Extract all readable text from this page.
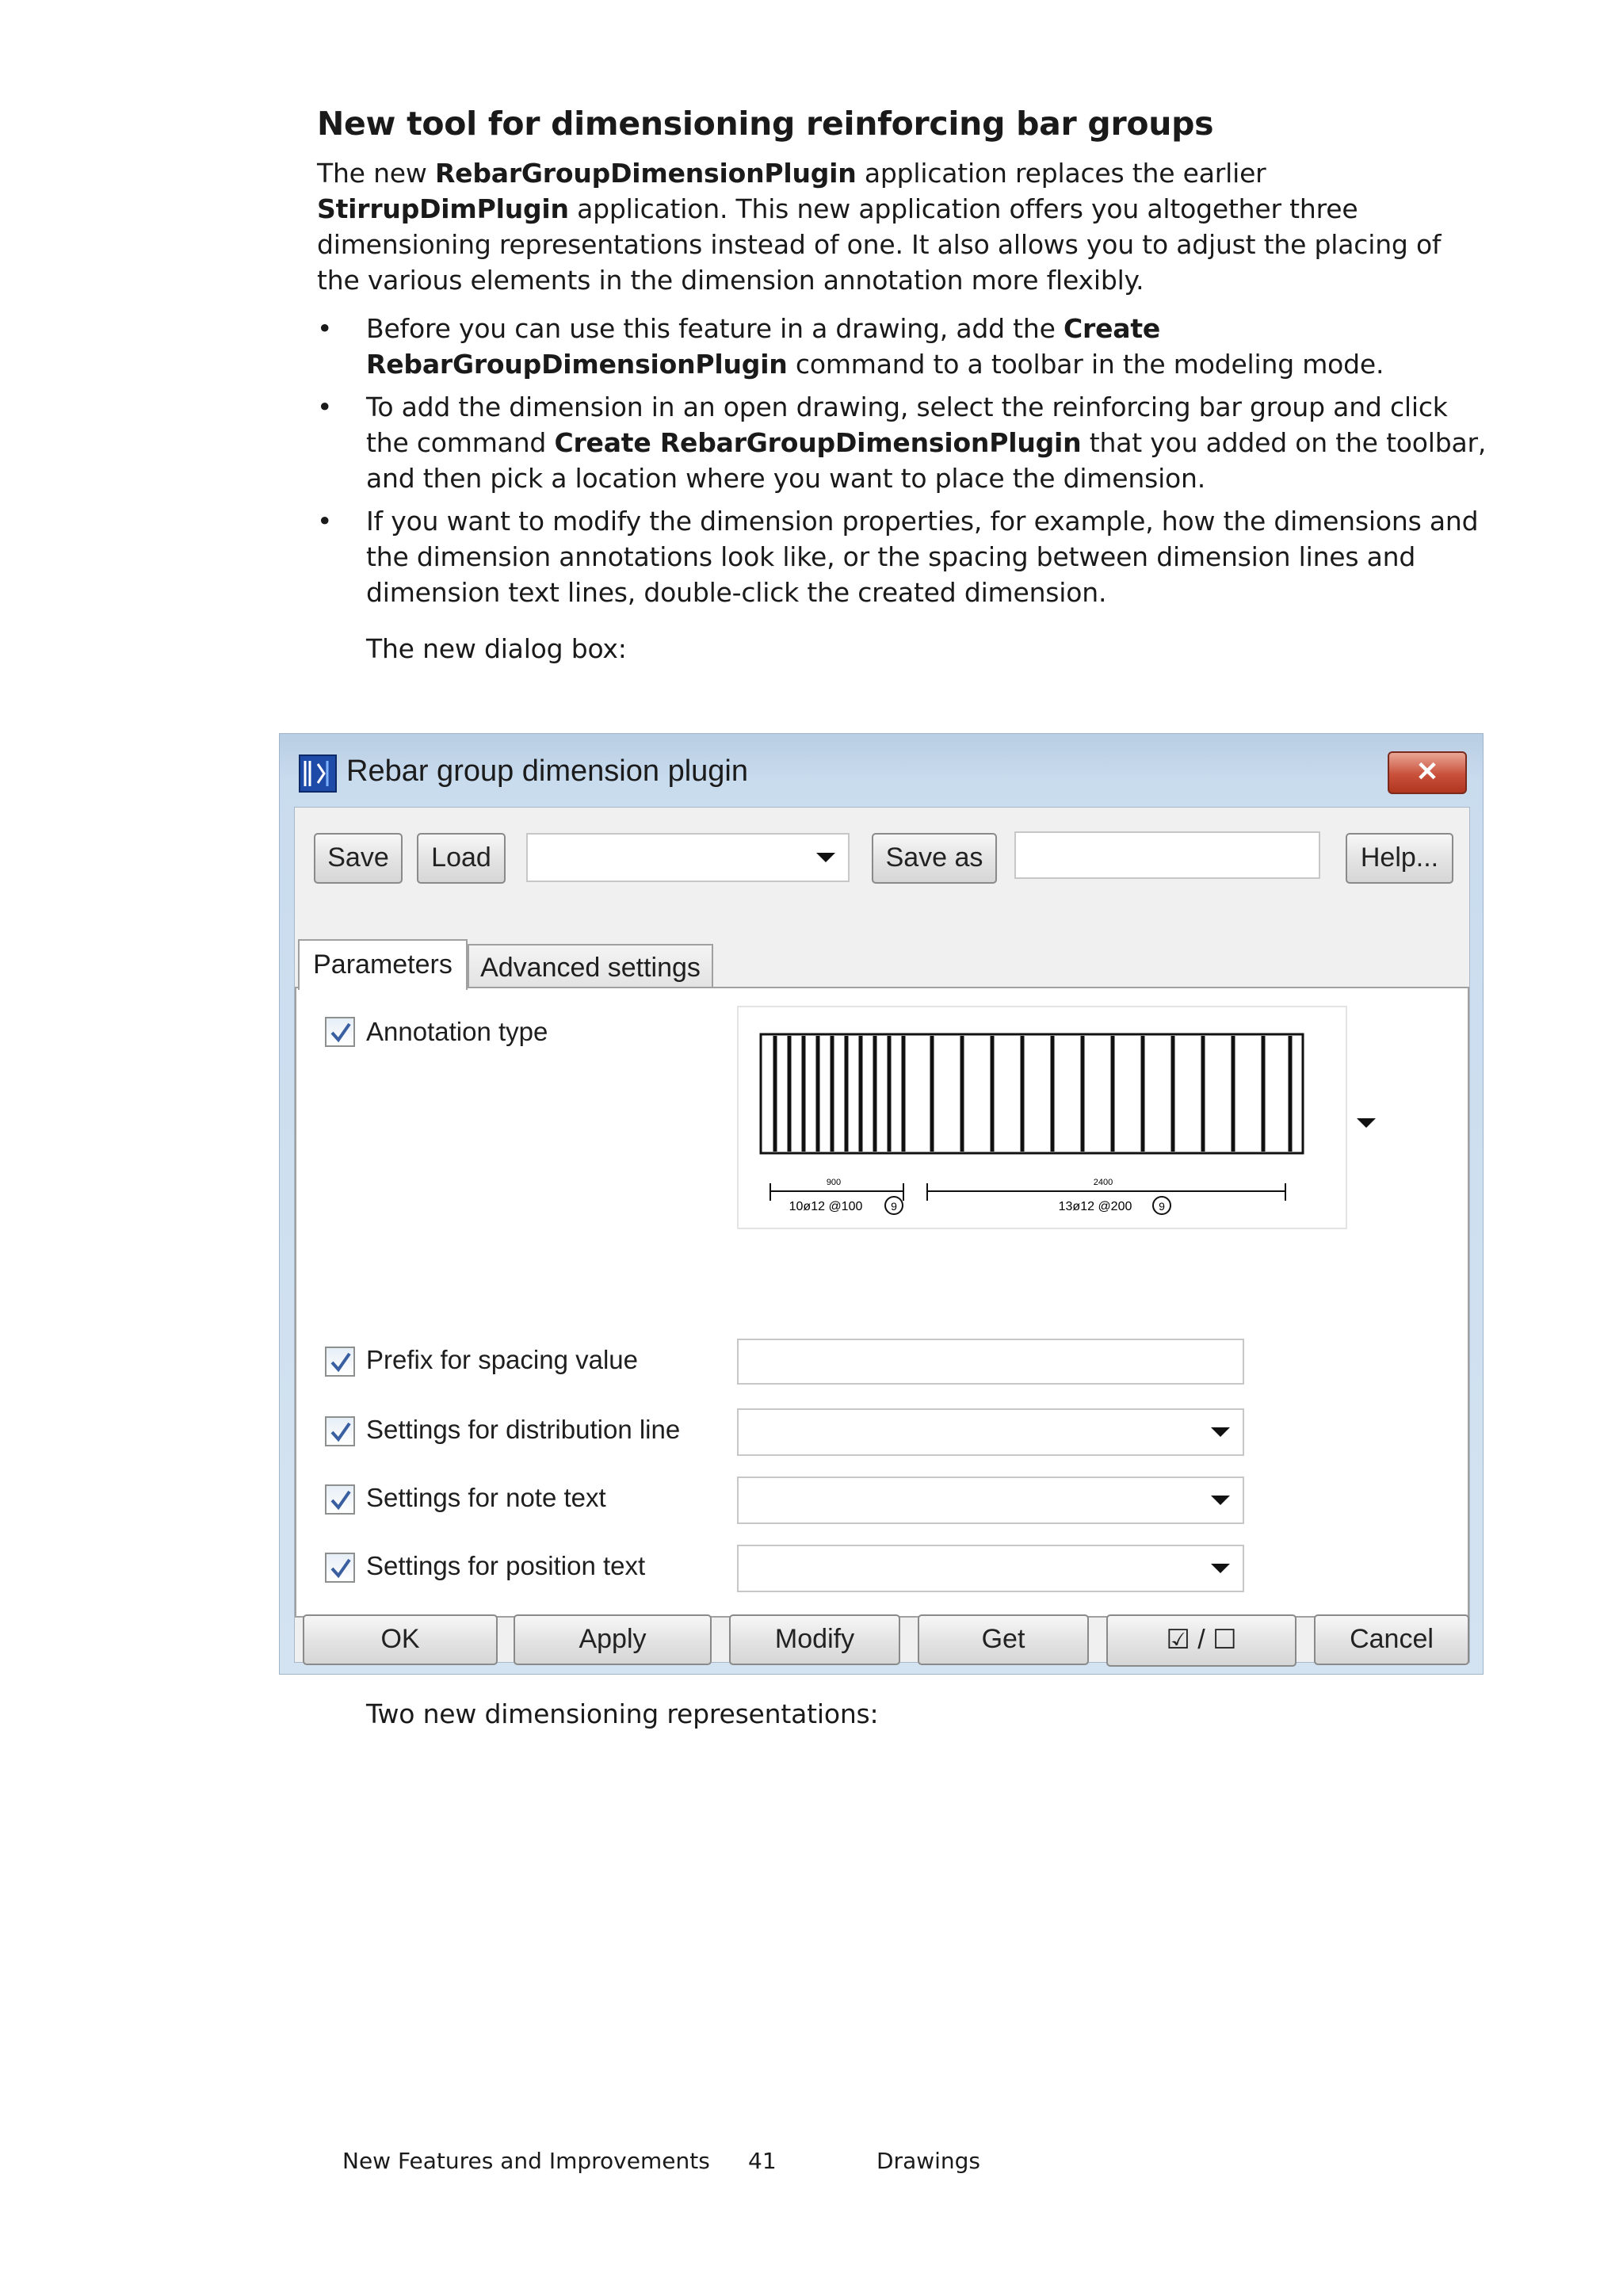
New tool for dimensioning reinforcing bar groups

The new RebarGroupDimensionPlugin application replaces the earlier StirrupDimPlugin application. This new application offers you altogether three dimensioning representations instead of one. It also allows you to adjust the placing of the various elements in the dimension annotation more flexibly.

• Before you can use this feature in a drawing, add the Create RebarGroupDimensionPlugin command to a toolbar in the modeling mode.
• To add the dimension in an open drawing, select the reinforcing bar group and click the command Create RebarGroupDimensionPlugin that you added on the toolbar, and then pick a location where you want to place the dimension.
• If you want to modify the dimension properties, for example, how the dimensions and the dimension annotations look like, or the spacing between dimension lines and dimension text lines, double-click the created dimension.

The new dialog box:

Two new dimensioning representations:

Rebar group dimension plugin	✕
Save	Load	Save as	Help...
Parameters	Advanced settings
Annotation type
900
10ø12 @100	9
2400
13ø12 @200 9
Prefix for spacing value
Settings for distribution line
Settings for note text
Settings for position text
OK	Apply	Modify	Get	☑ / ☐	Cancel
New Features and Improvements 41	Drawings
